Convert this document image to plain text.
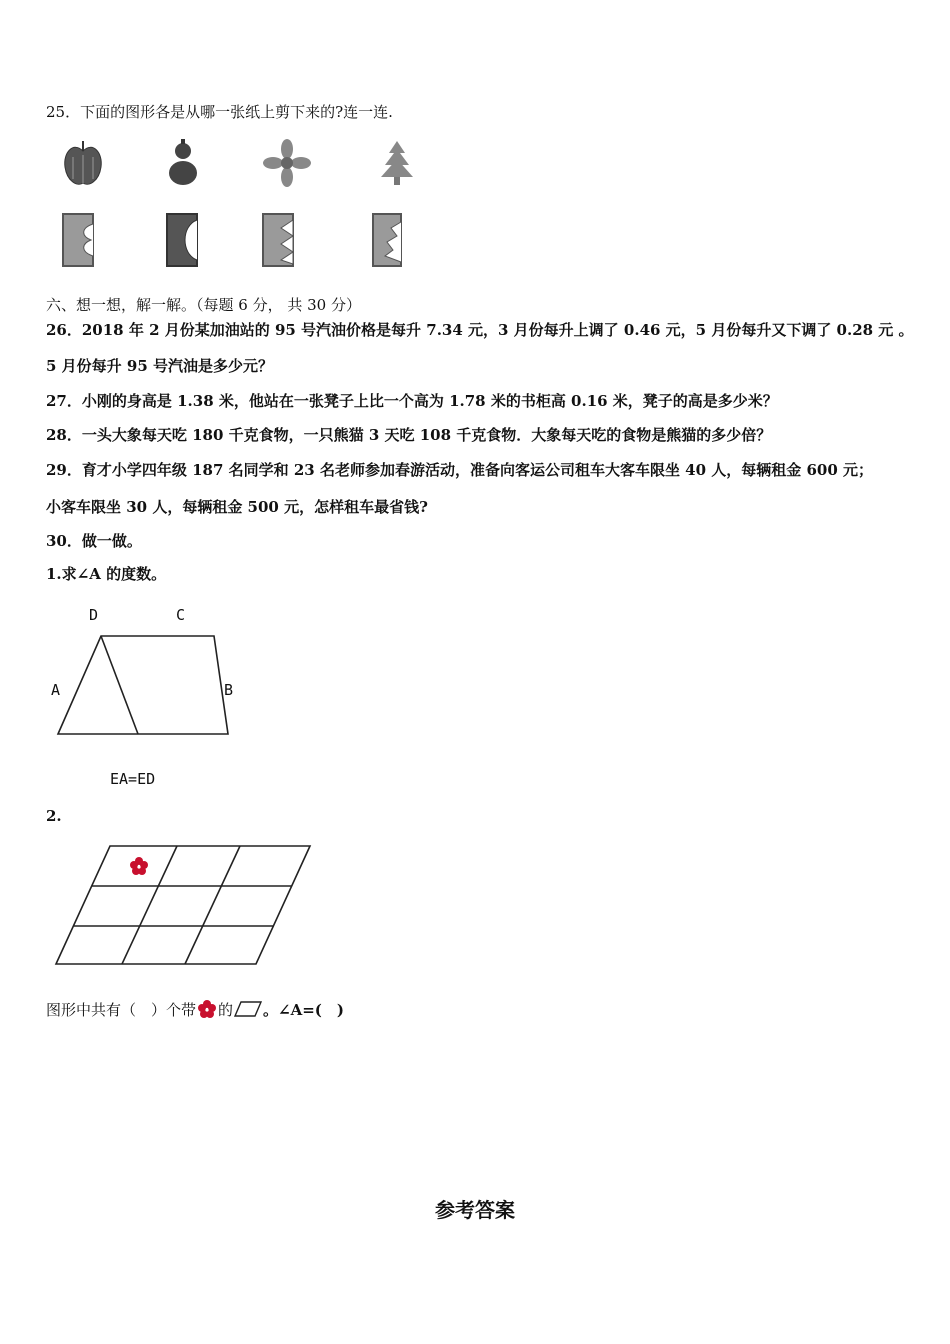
25．下面的图形各是从哪一张纸上剪下来的?连一连.
六、想一想，解一解。（每题 6 分， 共 30 分）
26．2018 年 2 月份某加油站的 95 号汽油价格是每升 7.34 元，3 月份每升上调了 0.46 元，5 月份每升又下调了 0.28 元 。
5 月份每升 95 号汽油是多少元？
27．小刚的身高是 1.38 米，他站在一张凳子上比一个高为 1.78 米的书柜高 0.16 米，凳子的高是多少米？
28．一头大象每天吃 180 千克食物，一只熊猫 3 天吃 108 千克食物．大象每天吃的食物是熊猫的多少倍？
29．育才小学四年级 187 名同学和 23 名老师参加春游活动，准备向客运公司租车大客车限坐 40 人，每辆租金 600 元；
小客车限坐 30 人，每辆租金 500 元，怎样租车最省钱?
30．做一做。
1.求∠A 的度数。
D	C
A	B
EA=ED
2.
图形中共有（　）个带 的 。∠A=(　)
参考答案
